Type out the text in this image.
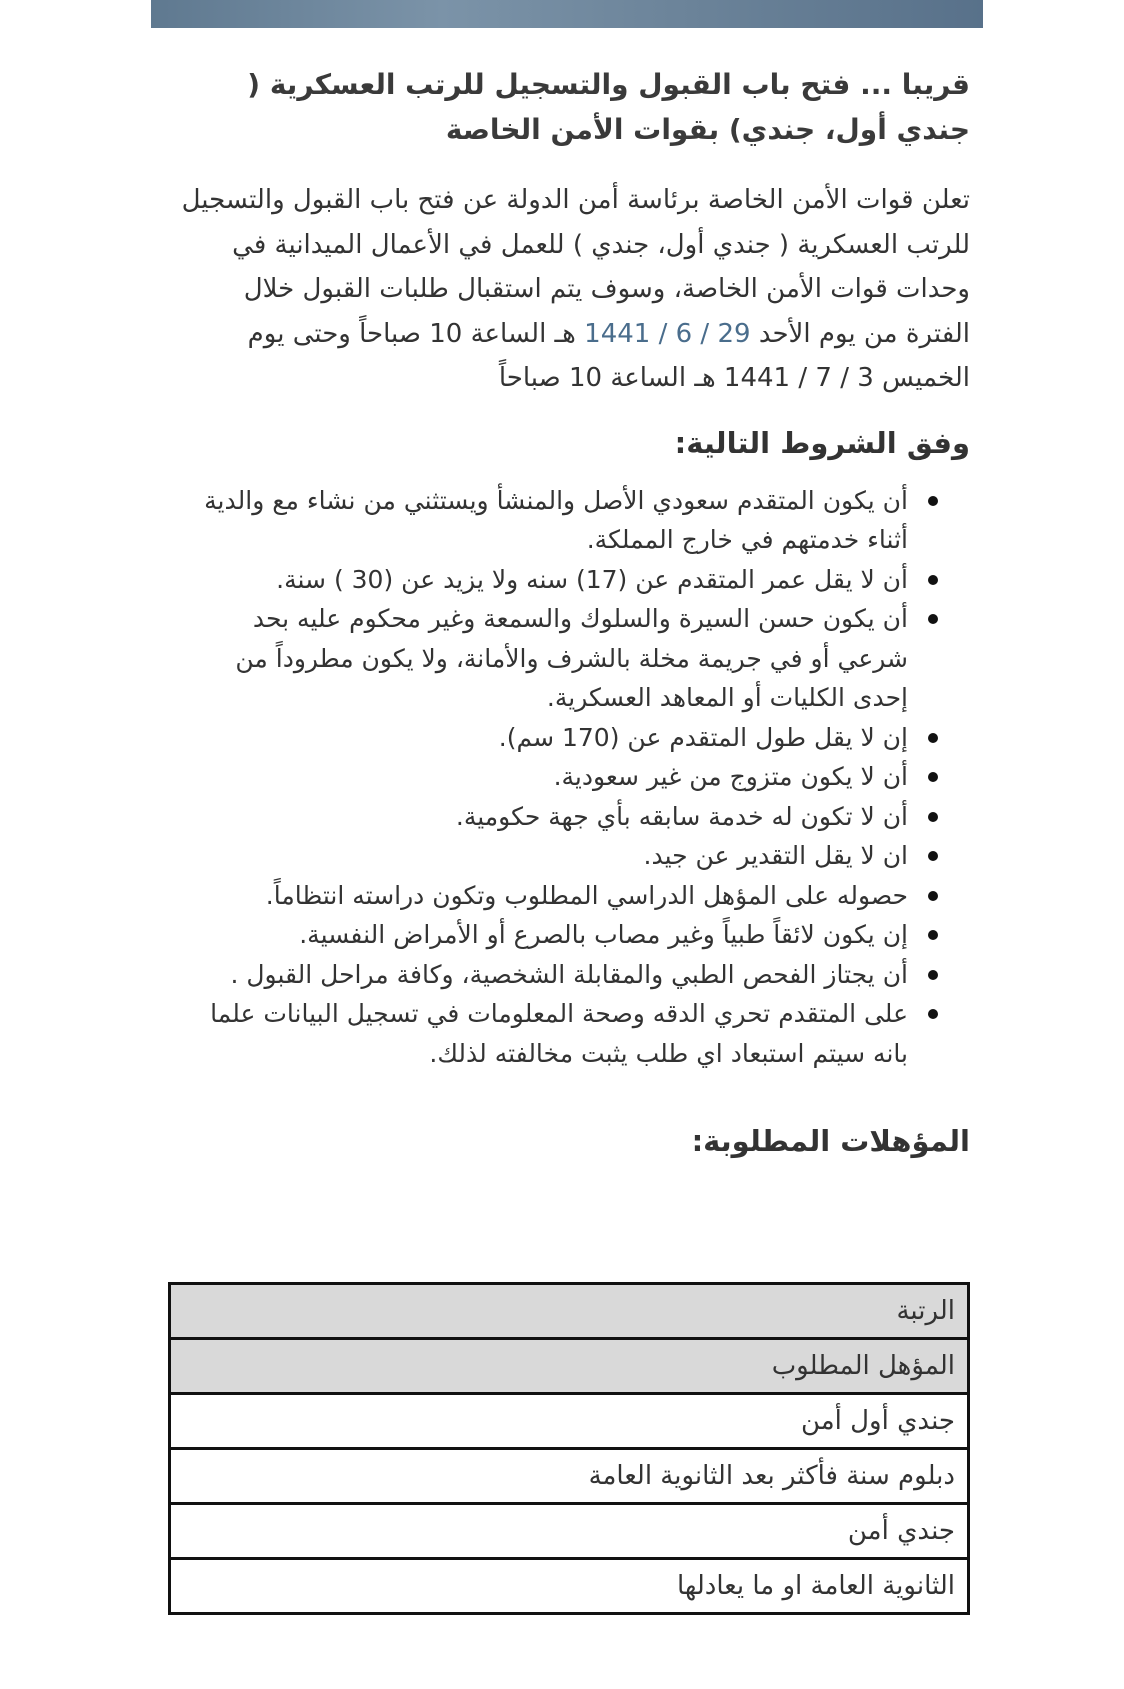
قريبا ... فتح باب القبول والتسجيل للرتب العسكرية ( جندي أول، جندي) بقوات الأمن الخاصة

تعلن قوات الأمن الخاصة برئاسة أمن الدولة عن فتح باب القبول والتسجيل للرتب العسكرية ( جندي أول، جندي ) للعمل في الأعمال الميدانية في وحدات قوات الأمن الخاصة، وسوف يتم استقبال طلبات القبول خلال الفترة من يوم الأحد 29 / 6 / 1441 هـ الساعة 10 صباحاً وحتى يوم الخميس 3 / 7 / 1441 هـ الساعة 10 صباحاً

وفق الشروط التالية:
أن يكون المتقدم سعودي الأصل والمنشأ ويستثني من نشاء مع والدية أثناء خدمتهم في خارج المملكة.
أن لا يقل عمر المتقدم عن (17) سنه ولا يزيد عن (30 ) سنة.
أن يكون حسن السيرة والسلوك والسمعة وغير محكوم عليه بحد شرعي أو في جريمة مخلة بالشرف والأمانة، ولا يكون مطروداً من إحدى الكليات أو المعاهد العسكرية.
إن لا يقل طول المتقدم عن (170 سم).
أن لا يكون متزوج من غير سعودية.
أن لا تكون له خدمة سابقه بأي جهة حكومية.
ان لا يقل التقدير عن جيد.
حصوله على المؤهل الدراسي المطلوب وتكون دراسته انتظاماً.
إن يكون لائقاً طبياً وغير مصاب بالصرع أو الأمراض النفسية.
أن يجتاز الفحص الطبي والمقابلة الشخصية، وكافة مراحل القبول .
على المتقدم تحري الدقه وصحة المعلومات في تسجيل البيانات علما بانه سيتم استبعاد اي طلب يثبت مخالفته لذلك.
المؤهلات المطلوبة:
الرتبة
المؤهل المطلوب
جندي أول أمن
دبلوم سنة فأكثر بعد الثانوية العامة
جندي أمن
الثانوية العامة او ما يعادلها
